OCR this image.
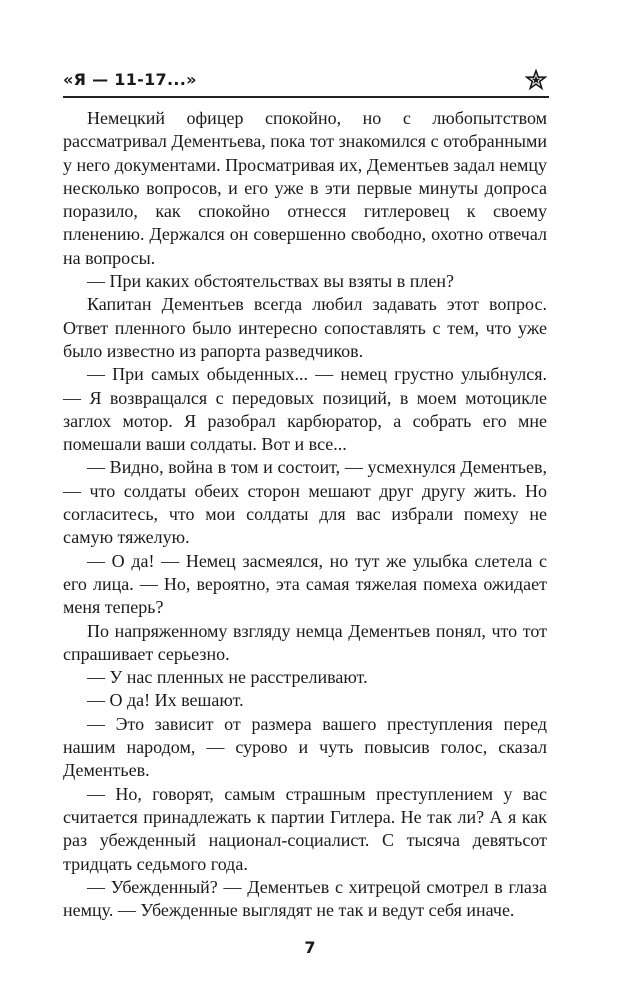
«Я — 11-17...»

Немецкий офицер спокойно, но с любопытством рассматривал Дементьева, пока тот знакомился с отобранными у него документами. Просматривая их, Дементьев задал немцу несколько вопросов, и его уже в эти первые минуты допроса поразило, как спокойно отнесся гитлеровец к своему пленению. Держался он совершенно свободно, охотно отвечал на вопросы.

— При каких обстоятельствах вы взяты в плен?

Капитан Дементьев всегда любил задавать этот вопрос. Ответ пленного было интересно сопоставлять с тем, что уже было известно из рапорта разведчиков.

— При самых обыденных... — немец грустно улыбнулся. — Я возвращался с передовых позиций, в моем мотоцикле заглох мотор. Я разобрал карбюратор, а собрать его мне помешали ваши солдаты. Вот и все...

— Видно, война в том и состоит, — усмехнулся Дементьев, — что солдаты обеих сторон мешают друг другу жить. Но согласитесь, что мои солдаты для вас избрали помеху не самую тяжелую.

— О да! — Немец засмеялся, но тут же улыбка слетела с его лица. — Но, вероятно, эта самая тяжелая помеха ожидает меня теперь?

По напряженному взгляду немца Дементьев понял, что тот спрашивает серьезно.

— У нас пленных не расстреливают.

— О да! Их вешают.

— Это зависит от размера вашего преступления перед нашим народом, — сурово и чуть повысив голос, сказал Дементьев.

— Но, говорят, самым страшным преступлением у вас считается принадлежать к партии Гитлера. Не так ли? А я как раз убежденный национал-социалист. С тысяча девятьсот тридцать седьмого года.

— Убежденный? — Дементьев с хитрецой смотрел в глаза немцу. — Убежденные выглядят не так и ведут себя иначе.

7
